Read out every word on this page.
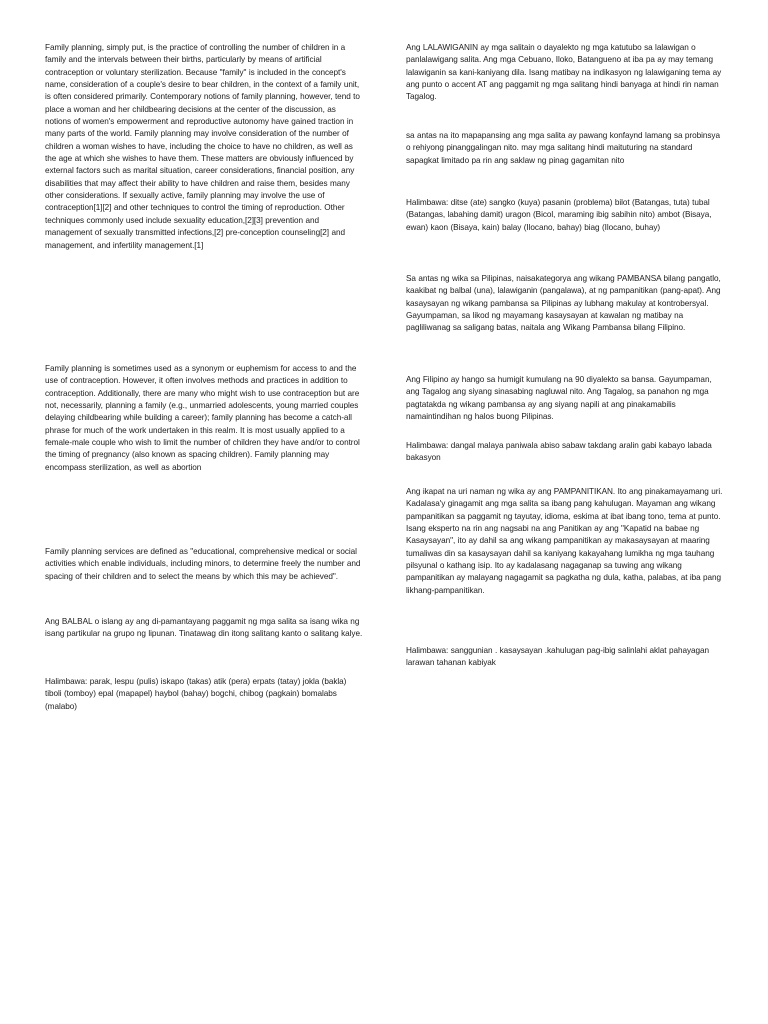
Family planning, simply put, is the practice of controlling the number of children in a family and the intervals between their births, particularly by means of artificial contraception or voluntary sterilization. Because "family" is included in the concept's name, consideration of a couple's desire to bear children, in the context of a family unit, is often considered primarily. Contemporary notions of family planning, however, tend to place a woman and her childbearing decisions at the center of the discussion, as notions of women's empowerment and reproductive autonomy have gained traction in many parts of the world. Family planning may involve consideration of the number of children a woman wishes to have, including the choice to have no children, as well as the age at which she wishes to have them. These matters are obviously influenced by external factors such as marital situation, career considerations, financial position, any disabilities that may affect their ability to have children and raise them, besides many other considerations. If sexually active, family planning may involve the use of contraception[1][2] and other techniques to control the timing of reproduction. Other techniques commonly used include sexuality education,[2][3] prevention and management of sexually transmitted infections,[2] pre-conception counseling[2] and management, and infertility management.[1]

Family planning is sometimes used as a synonym or euphemism for access to and the use of contraception. However, it often involves methods and practices in addition to contraception. Additionally, there are many who might wish to use contraception but are not, necessarily, planning a family (e.g., unmarried adolescents, young married couples delaying childbearing while building a career); family planning has become a catch-all phrase for much of the work undertaken in this realm. It is most usually applied to a female-male couple who wish to limit the number of children they have and/or to control the timing of pregnancy (also known as spacing children). Family planning may encompass sterilization, as well as abortion

Family planning services are defined as "educational, comprehensive medical or social activities which enable individuals, including minors, to determine freely the number and spacing of their children and to select the means by which this may be achieved".

Ang BALBAL o islang ay ang di-pamantayang paggamit ng mga salita sa isang wika ng isang partikular na grupo ng lipunan. Tinatawag din itong salitang kanto o salitang kalye.

Halimbawa: parak, lespu (pulis) iskapo (takas) atik (pera) erpats (tatay) jokla (bakla) tiboli (tomboy) epal (mapapel) haybol (bahay) bogchi, chibog (pagkain) bomalabs (malabo)

Ang LALAWIGANIN ay mga salitain o dayalekto ng mga katutubo sa lalawigan o panlalawigang salita. Ang mga Cebuano, Iloko, Batangueno at iba pa ay may temang lalawiganin sa kani-kaniyang dila. Isang matibay na indikasyon ng lalawiganing tema ay ang punto o accent AT ang paggamit ng mga salitang hindi banyaga at hindi rin naman Tagalog.

sa antas na ito mapapansing ang mga salita ay pawang konfaynd lamang sa probinsya o rehiyong pinanggalingan nito. may mga salitang hindi maituturing na standard sapagkat limitado pa rin ang saklaw ng pinag gagamitan nito

Halimbawa: ditse (ate) sangko (kuya) pasanin (problema) bilot (Batangas, tuta) tubal (Batangas, labahing damit) uragon (Bicol, maraming ibig sabihin nito) ambot (Bisaya, ewan) kaon (Bisaya, kain) balay (Ilocano, bahay) biag (Ilocano, buhay)

Sa antas ng wika sa Pilipinas, naisakategorya ang wikang PAMBANSA bilang pangatlo, kaakibat ng balbal (una), lalawiganin (pangalawa), at ng pampanitikan (pang-apat). Ang kasaysayan ng wikang pambansa sa Pilipinas ay lubhang makulay at kontrobersyal. Gayumpaman, sa likod ng mayamang kasaysayan at kawalan ng matibay na pagliliwanag sa saligang batas, naitala ang Wikang Pambansa bilang Filipino.

Ang Filipino ay hango sa humigit kumulang na 90 diyalekto sa bansa. Gayumpaman, ang Tagalog ang siyang sinasabing nagluwal nito. Ang Tagalog, sa panahon ng mga pagtatakda ng wikang pambansa ay ang siyang napili at ang pinakamabilis namaintindihan ng halos buong Pilipinas.

Halimbawa: dangal malaya paniwala abiso sabaw takdang aralin gabi kabayo labada bakasyon

Ang ikapat na uri naman ng wika ay ang PAMPANITIKAN. Ito ang pinakamayamang uri. Kadalasa'y ginagamit ang mga salita sa ibang pang kahulugan. Mayaman ang wikang pampanitikan sa paggamit ng tayutay, idioma, eskima at ibat ibang tono, tema at punto. Isang eksperto na rin ang nagsabi na ang Panitikan ay ang "Kapatid na babae ng Kasaysayan", ito ay dahil sa ang wikang pampanitikan ay makasaysayan at maaring tumaliwas din sa kasaysayan dahil sa kaniyang kakayahang lumikha ng mga tauhang pilsyunal o kathang isip. Ito ay kadalasang nagaganap sa tuwing ang wikang pampanitikan ay malayang nagagamit sa pagkatha ng dula, katha, palabas, at iba pang likhang-pampanitikan.

Halimbawa: sanggunian . kasaysayan .kahulugan pag-ibig salinlahi aklat pahayagan larawan tahanan kabiyak
